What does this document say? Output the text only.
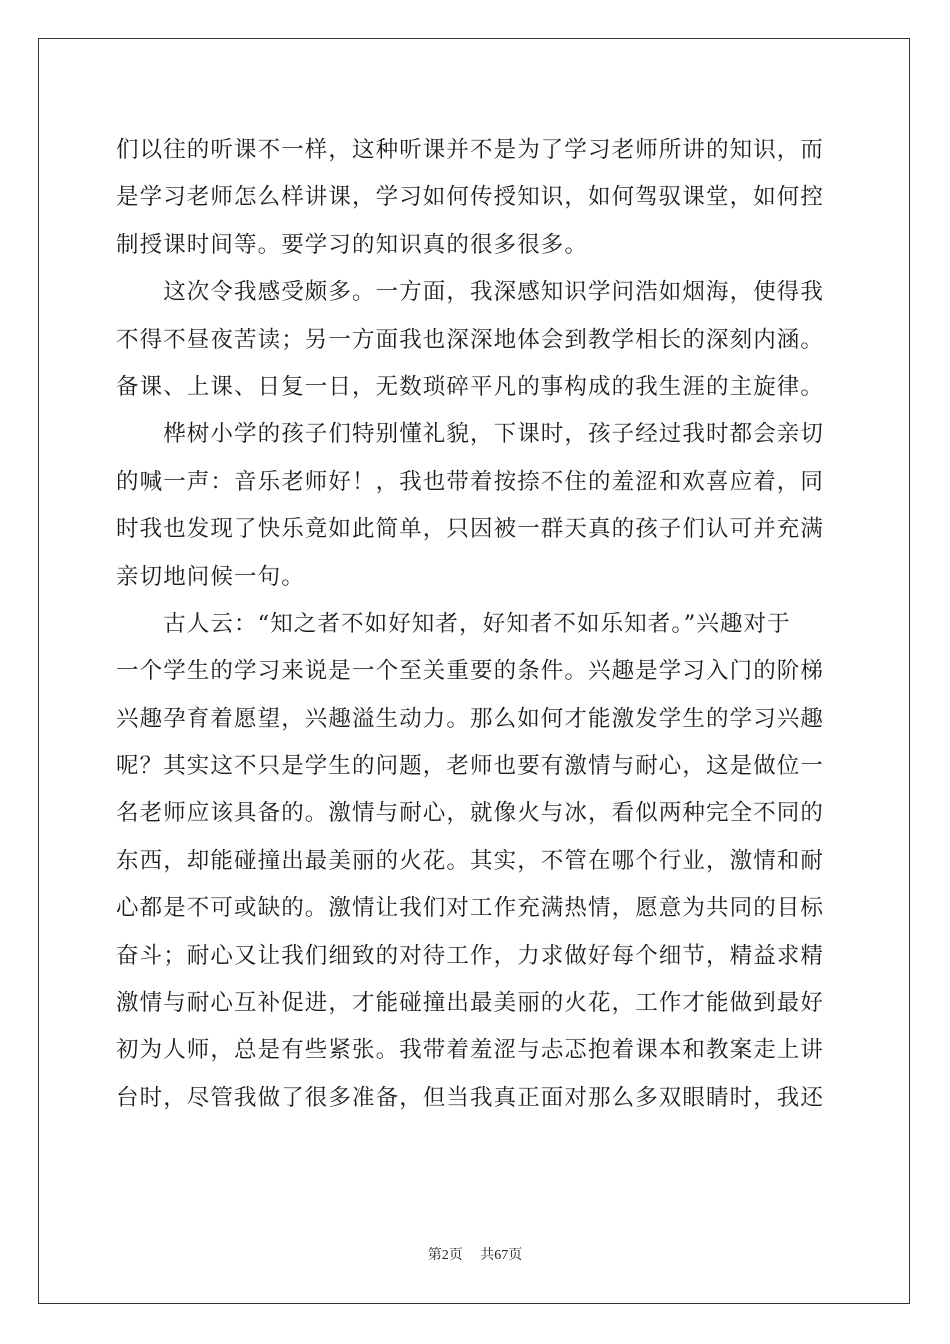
们以往的听课不一样，这种听课并不是为了学习老师所讲的知识，而
是学习老师怎么样讲课，学习如何传授知识，如何驾驭课堂，如何控
制授课时间等。要学习的知识真的很多很多。
　　这次令我感受颇多。一方面，我深感知识学问浩如烟海，使得我
不得不昼夜苦读；另一方面我也深深地体会到教学相长的深刻内涵。
备课、上课、日复一日，无数琐碎平凡的事构成的我生涯的主旋律。
　　桦树小学的孩子们特别懂礼貌，下课时，孩子经过我时都会亲切
的喊一声：音乐老师好！，我也带着按捺不住的羞涩和欢喜应着，同
时我也发现了快乐竟如此简单，只因被一群天真的孩子们认可并充满
亲切地问候一句。
　　古人云：“知之者不如好知者，好知者不如乐知者。”兴趣对于
一个学生的学习来说是一个至关重要的条件。兴趣是学习入门的阶梯
兴趣孕育着愿望，兴趣溢生动力。那么如何才能激发学生的学习兴趣
呢？其实这不只是学生的问题，老师也要有激情与耐心，这是做位一
名老师应该具备的。激情与耐心，就像火与冰，看似两种完全不同的
东西，却能碰撞出最美丽的火花。其实，不管在哪个行业，激情和耐
心都是不可或缺的。激情让我们对工作充满热情，愿意为共同的目标
奋斗；耐心又让我们细致的对待工作，力求做好每个细节，精益求精
激情与耐心互补促进，才能碰撞出最美丽的火花，工作才能做到最好
初为人师，总是有些紧张。我带着羞涩与忐忑抱着课本和教案走上讲
台时，尽管我做了很多准备，但当我真正面对那么多双眼睛时，我还
第2页　 共67页
